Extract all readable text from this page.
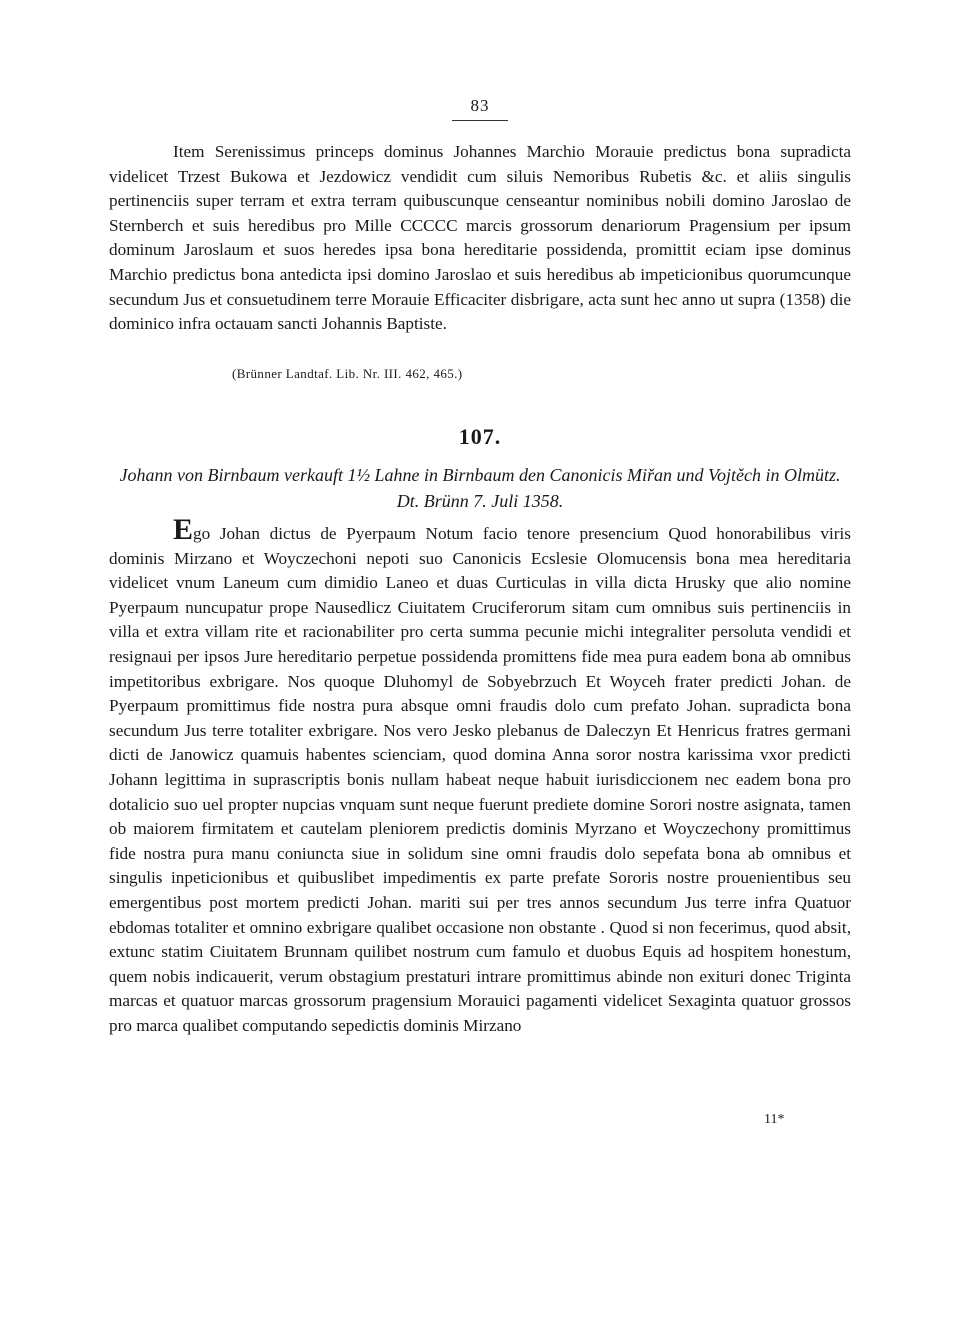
83

Item Serenissimus princeps dominus Johannes Marchio Morauie predictus bona supradicta videlicet Trzest Bukowa et Jezdowicz vendidit cum siluis Nemoribus Rubetis &c. et aliis singulis pertinenciis super terram et extra terram quibuscunque censeantur nominibus nobili domino Jaroslao de Sternberch et suis heredibus pro Mille CCCCC marcis grossorum denariorum Pragensium per ipsum dominum Jaroslaum et suos heredes ipsa bona hereditarie possidenda, promittit eciam ipse dominus Marchio predictus bona antedicta ipsi domino Jaroslao et suis heredibus ab impeticionibus quorumcunque secundum Jus et consuetudinem terre Morauie Efficaciter disbrigare, acta sunt hec anno ut supra (1358) die dominico infra octauam sancti Johannis Baptiste.

(Brünner Landtaf. Lib. Nr. III. 462, 465.)
107.
Johann von Birnbaum verkauft 1½ Lahne in Birnbaum den Canonicis Miřan und Vojtěch in Olmütz. Dt. Brünn 7. Juli 1358.

Ego Johan dictus de Pyerpaum Notum facio tenore presencium Quod honorabilibus viris dominis Mirzano et Woyczechoni nepoti suo Canonicis Ecslesie Olomucensis bona mea hereditaria videlicet vnum Laneum cum dimidio Laneo et duas Curticulas in villa dicta Hrusky que alio nomine Pyerpaum nuncupatur prope Nausedlicz Ciuitatem Cruciferorum sitam cum omnibus suis pertinenciis in villa et extra villam rite et racionabiliter pro certa summa pecunie michi integraliter persoluta vendidi et resignaui per ipsos Jure hereditario perpetue possidenda promittens fide mea pura eadem bona ab omnibus impetitoribus exbrigare. Nos quoque Dluhomyl de Sobyebrzuch Et Woyceh frater predicti Johan. de Pyerpaum promittimus fide nostra pura absque omni fraudis dolo cum prefato Johan. supradicta bona secundum Jus terre totaliter exbrigare. Nos vero Jesko plebanus de Daleczyn Et Henricus fratres germani dicti de Janowicz quamuis habentes scienciam, quod domina Anna soror nostra karissima vxor predicti Johann legittima in suprascriptis bonis nullam habeat neque habuit iurisdiccionem nec eadem bona pro dotalicio suo uel propter nupcias vnquam sunt neque fuerunt prediete domine Sorori nostre asignata, tamen ob maiorem firmitatem et cautelam pleniorem predictis dominis Myrzano et Woyczechony promittimus fide nostra pura manu coniuncta siue in solidum sine omni fraudis dolo sepefata bona ab omnibus et singulis inpeticionibus et quibuslibet impedimentis ex parte prefate Sororis nostre prouenientibus seu emergentibus post mortem predicti Johan. mariti sui per tres annos secundum Jus terre infra Quatuor ebdomas totaliter et omnino exbrigare qualibet occasione non obstante . Quod si non fecerimus, quod absit, extunc statim Ciuitatem Brunnam quilibet nostrum cum famulo et duobus Equis ad hospitem honestum, quem nobis indicauerit, verum obstagium prestaturi intrare promittimus abinde non exituri donec Triginta marcas et quatuor marcas grossorum pragensium Morauici pagamenti videlicet Sexaginta quatuor grossos pro marca qualibet computando sepedictis dominis Mirzano

11*
